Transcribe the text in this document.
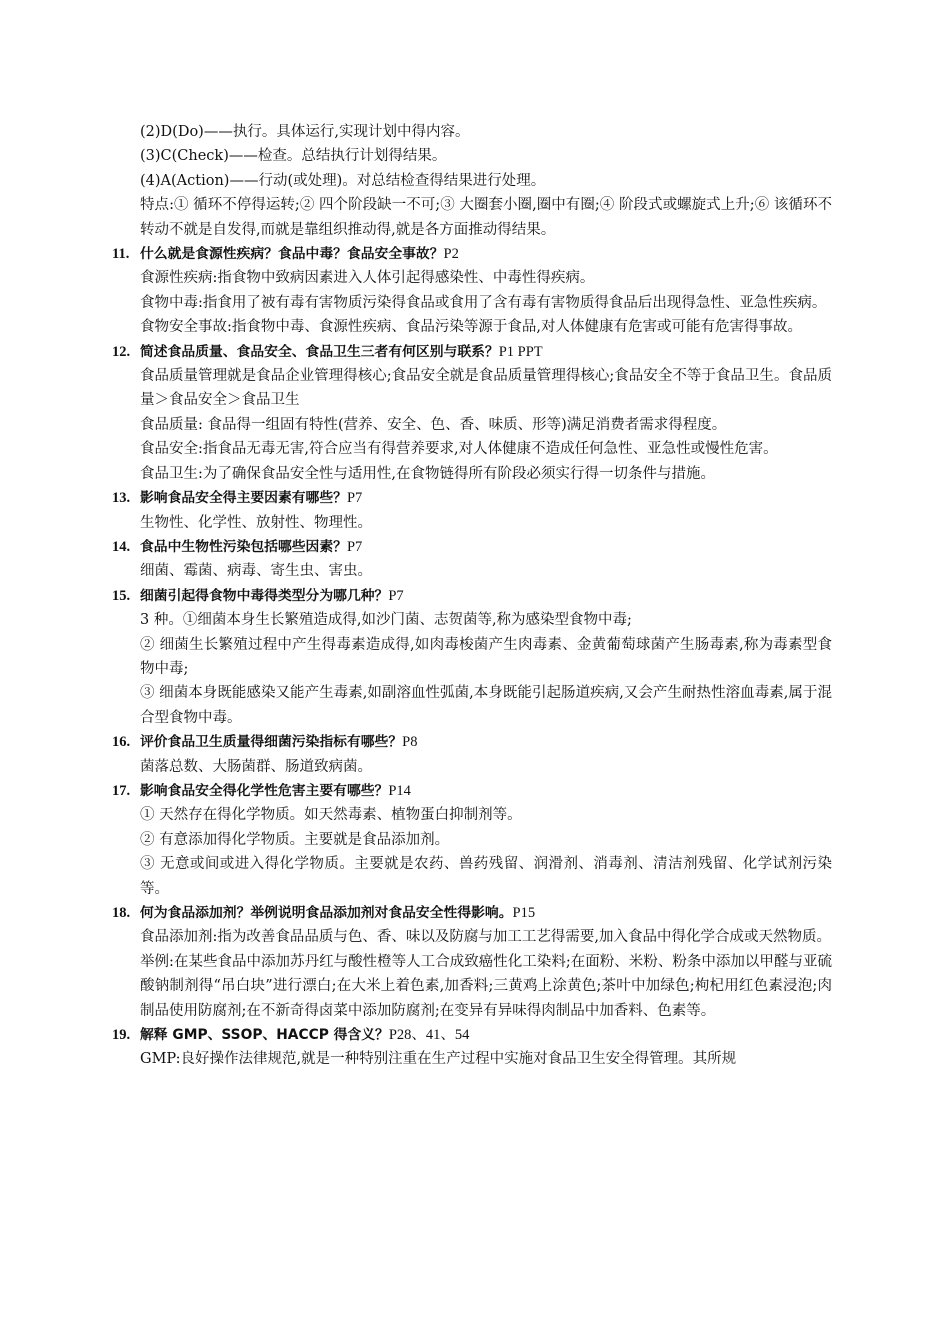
(2)D(Do)——执行。具体运行,实现计划中得内容。

(3)C(Check)——检查。总结执行计划得结果。

(4)A(Action)——行动(或处理)。对总结检查得结果进行处理。

特点:① 循环不停得运转;② 四个阶段缺一不可;③ 大圈套小圈,圈中有圈;④ 阶段式或螺旋式上升;⑥ 该循环不转动不就是自发得,而就是靠组织推动得,就是各方面推动得结果。

11. 什么就是食源性疾病？食品中毒？食品安全事故？P2

食源性疾病:指食物中致病因素进入人体引起得感染性、中毒性得疾病。

食物中毒:指食用了被有毒有害物质污染得食品或食用了含有毒有害物质得食品后出现得急性、亚急性疾病。

食物安全事故:指食物中毒、食源性疾病、食品污染等源于食品,对人体健康有危害或可能有危害得事故。

12. 简述食品质量、食品安全、食品卫生三者有何区别与联系？P1 PPT

食品质量管理就是食品企业管理得核心;食品安全就是食品质量管理得核心;食品安全不等于食品卫生。食品质量＞食品安全＞食品卫生

食品质量: 食品得一组固有特性(营养、安全、色、香、味质、形等)满足消费者需求得程度。

食品安全:指食品无毒无害,符合应当有得营养要求,对人体健康不造成任何急性、亚急性或慢性危害。

食品卫生:为了确保食品安全性与适用性,在食物链得所有阶段必须实行得一切条件与措施。

13. 影响食品安全得主要因素有哪些？P7

生物性、化学性、放射性、物理性。

14. 食品中生物性污染包括哪些因素？P7

细菌、霉菌、病毒、寄生虫、害虫。

15. 细菌引起得食物中毒得类型分为哪几种？P7

3 种。①细菌本身生长繁殖造成得,如沙门菌、志贺菌等,称为感染型食物中毒;

② 细菌生长繁殖过程中产生得毒素造成得,如肉毒梭菌产生肉毒素、金黄葡萄球菌产生肠毒素,称为毒素型食物中毒;

③ 细菌本身既能感染又能产生毒素,如副溶血性弧菌,本身既能引起肠道疾病,又会产生耐热性溶血毒素,属于混合型食物中毒。

16. 评价食品卫生质量得细菌污染指标有哪些？P8

菌落总数、大肠菌群、肠道致病菌。

17. 影响食品安全得化学性危害主要有哪些？P14

① 天然存在得化学物质。如天然毒素、植物蛋白抑制剂等。

② 有意添加得化学物质。主要就是食品添加剂。

③ 无意或间或进入得化学物质。主要就是农药、兽药残留、润滑剂、消毒剂、清洁剂残留、化学试剂污染等。

18. 何为食品添加剂？举例说明食品添加剂对食品安全性得影响。P15

食品添加剂:指为改善食品品质与色、香、味以及防腐与加工工艺得需要,加入食品中得化学合成或天然物质。

举例:在某些食品中添加苏丹红与酸性橙等人工合成致癌性化工染料;在面粉、米粉、粉条中添加以甲醛与亚硫酸钠制剂得“吊白块”进行漂白;在大米上着色素,加香料;三黄鸡上涂黄色;茶叶中加绿色;枸杞用红色素浸泡;肉制品使用防腐剂;在不新奇得卤菜中添加防腐剂;在变异有异味得肉制品中加香料、色素等。

19. 解释 GMP、SSOP、HACCP 得含义？P28、41、54

GMP:良好操作法律规范,就是一种特别注重在生产过程中实施对食品卫生安全得管理。其所规
